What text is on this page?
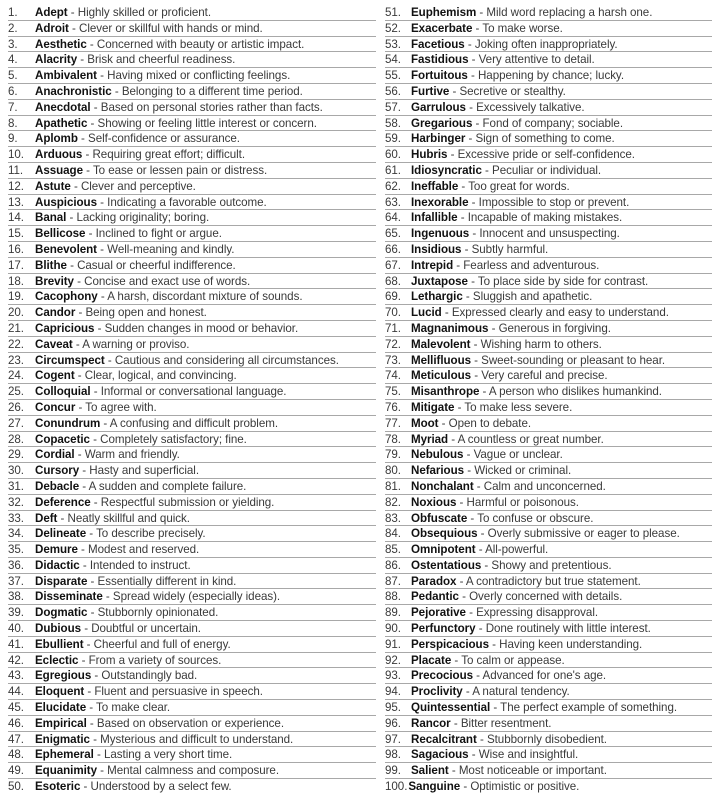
1. Adept - Highly skilled or proficient.
2. Adroit - Clever or skillful with hands or mind.
3. Aesthetic - Concerned with beauty or artistic impact.
4. Alacrity - Brisk and cheerful readiness.
5. Ambivalent - Having mixed or conflicting feelings.
6. Anachronistic - Belonging to a different time period.
7. Anecdotal - Based on personal stories rather than facts.
8. Apathetic - Showing or feeling little interest or concern.
9. Aplomb - Self-confidence or assurance.
10. Arduous - Requiring great effort; difficult.
11. Assuage - To ease or lessen pain or distress.
12. Astute - Clever and perceptive.
13. Auspicious - Indicating a favorable outcome.
14. Banal - Lacking originality; boring.
15. Bellicose - Inclined to fight or argue.
16. Benevolent - Well-meaning and kindly.
17. Blithe - Casual or cheerful indifference.
18. Brevity - Concise and exact use of words.
19. Cacophony - A harsh, discordant mixture of sounds.
20. Candor - Being open and honest.
21. Capricious - Sudden changes in mood or behavior.
22. Caveat - A warning or proviso.
23. Circumspect - Cautious and considering all circumstances.
24. Cogent - Clear, logical, and convincing.
25. Colloquial - Informal or conversational language.
26. Concur - To agree with.
27. Conundrum - A confusing and difficult problem.
28. Copacetic - Completely satisfactory; fine.
29. Cordial - Warm and friendly.
30. Cursory - Hasty and superficial.
31. Debacle - A sudden and complete failure.
32. Deference - Respectful submission or yielding.
33. Deft - Neatly skillful and quick.
34. Delineate - To describe precisely.
35. Demure - Modest and reserved.
36. Didactic - Intended to instruct.
37. Disparate - Essentially different in kind.
38. Disseminate - Spread widely (especially ideas).
39. Dogmatic - Stubbornly opinionated.
40. Dubious - Doubtful or uncertain.
41. Ebullient - Cheerful and full of energy.
42. Eclectic - From a variety of sources.
43. Egregious - Outstandingly bad.
44. Eloquent - Fluent and persuasive in speech.
45. Elucidate - To make clear.
46. Empirical - Based on observation or experience.
47. Enigmatic - Mysterious and difficult to understand.
48. Ephemeral - Lasting a very short time.
49. Equanimity - Mental calmness and composure.
50. Esoteric - Understood by a select few.
51. Euphemism - Mild word replacing a harsh one.
52. Exacerbate - To make worse.
53. Facetious - Joking often inappropriately.
54. Fastidious - Very attentive to detail.
55. Fortuitous - Happening by chance; lucky.
56. Furtive - Secretive or stealthy.
57. Garrulous - Excessively talkative.
58. Gregarious - Fond of company; sociable.
59. Harbinger - Sign of something to come.
60. Hubris - Excessive pride or self-confidence.
61. Idiosyncratic - Peculiar or individual.
62. Ineffable - Too great for words.
63. Inexorable - Impossible to stop or prevent.
64. Infallible - Incapable of making mistakes.
65. Ingenuous - Innocent and unsuspecting.
66. Insidious - Subtly harmful.
67. Intrepid - Fearless and adventurous.
68. Juxtapose - To place side by side for contrast.
69. Lethargic - Sluggish and apathetic.
70. Lucid - Expressed clearly and easy to understand.
71. Magnanimous - Generous in forgiving.
72. Malevolent - Wishing harm to others.
73. Mellifluous - Sweet-sounding or pleasant to hear.
74. Meticulous - Very careful and precise.
75. Misanthrope - A person who dislikes humankind.
76. Mitigate - To make less severe.
77. Moot - Open to debate.
78. Myriad - A countless or great number.
79. Nebulous - Vague or unclear.
80. Nefarious - Wicked or criminal.
81. Nonchalant - Calm and unconcerned.
82. Noxious - Harmful or poisonous.
83. Obfuscate - To confuse or obscure.
84. Obsequious - Overly submissive or eager to please.
85. Omnipotent - All-powerful.
86. Ostentatious - Showy and pretentious.
87. Paradox - A contradictory but true statement.
88. Pedantic - Overly concerned with details.
89. Pejorative - Expressing disapproval.
90. Perfunctory - Done routinely with little interest.
91. Perspicacious - Having keen understanding.
92. Placate - To calm or appease.
93. Precocious - Advanced for one's age.
94. Proclivity - A natural tendency.
95. Quintessential - The perfect example of something.
96. Rancor - Bitter resentment.
97. Recalcitrant - Stubbornly disobedient.
98. Sagacious - Wise and insightful.
99. Salient - Most noticeable or important.
100.Sanguine - Optimistic or positive.
